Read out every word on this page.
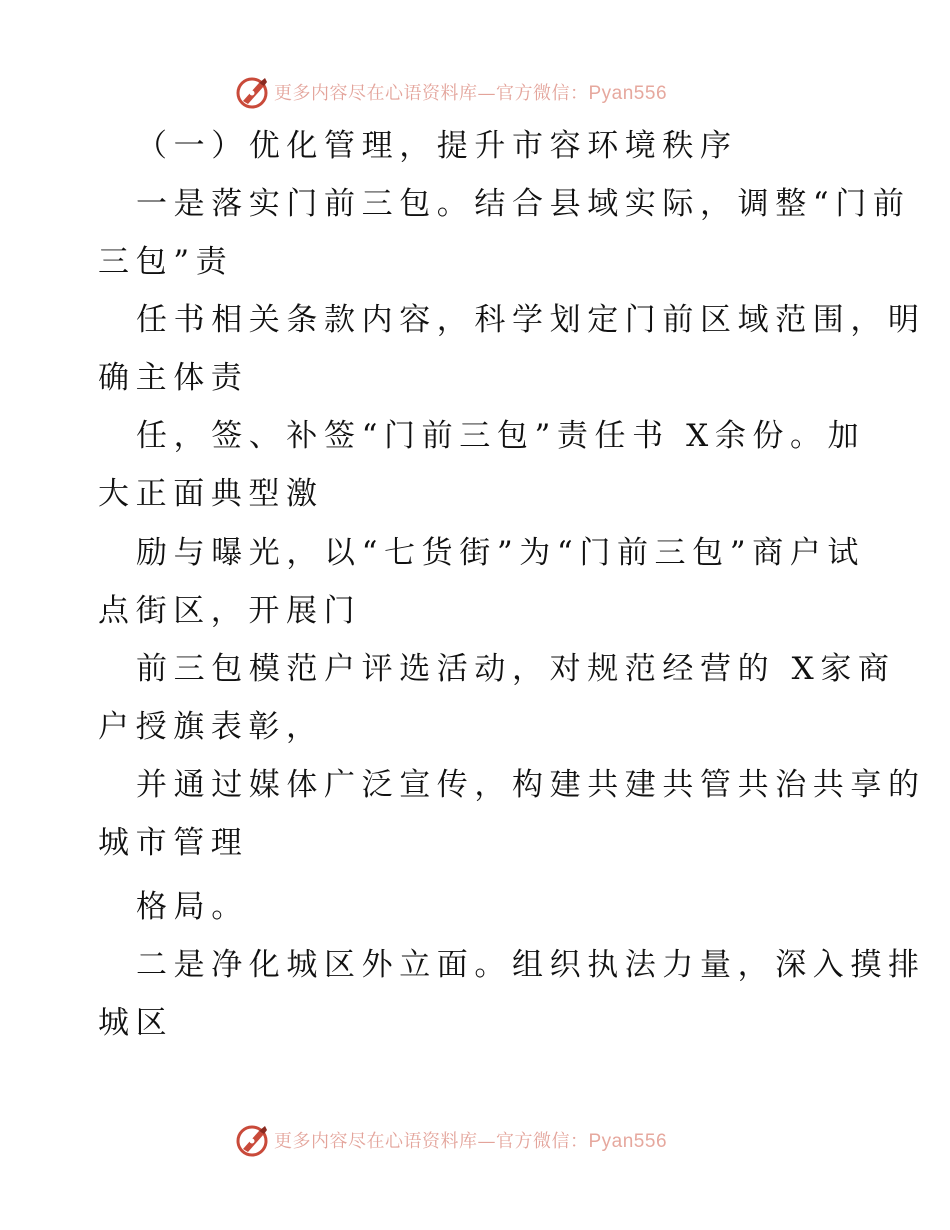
更多内容尽在心语资料库—官方微信：Pyan556
（一）优化管理，提升市容环境秩序
一是落实门前三包。结合县域实际，调整“门前
三包”责
任书相关条款内容，科学划定门前区域范围，明
确主体责
任，签、补签“门前三包”责任书 X余份。加
大正面典型激
励与曝光，以“七货街”为“门前三包”商户试
点街区，开展门
前三包模范户评选活动，对规范经营的 X家商
户授旗表彰，
并通过媒体广泛宣传，构建共建共管共治共享的
城市管理
格局。
二是净化城区外立面。组织执法力量，深入摸排
城区
更多内容尽在心语资料库—官方微信：Pyan556
